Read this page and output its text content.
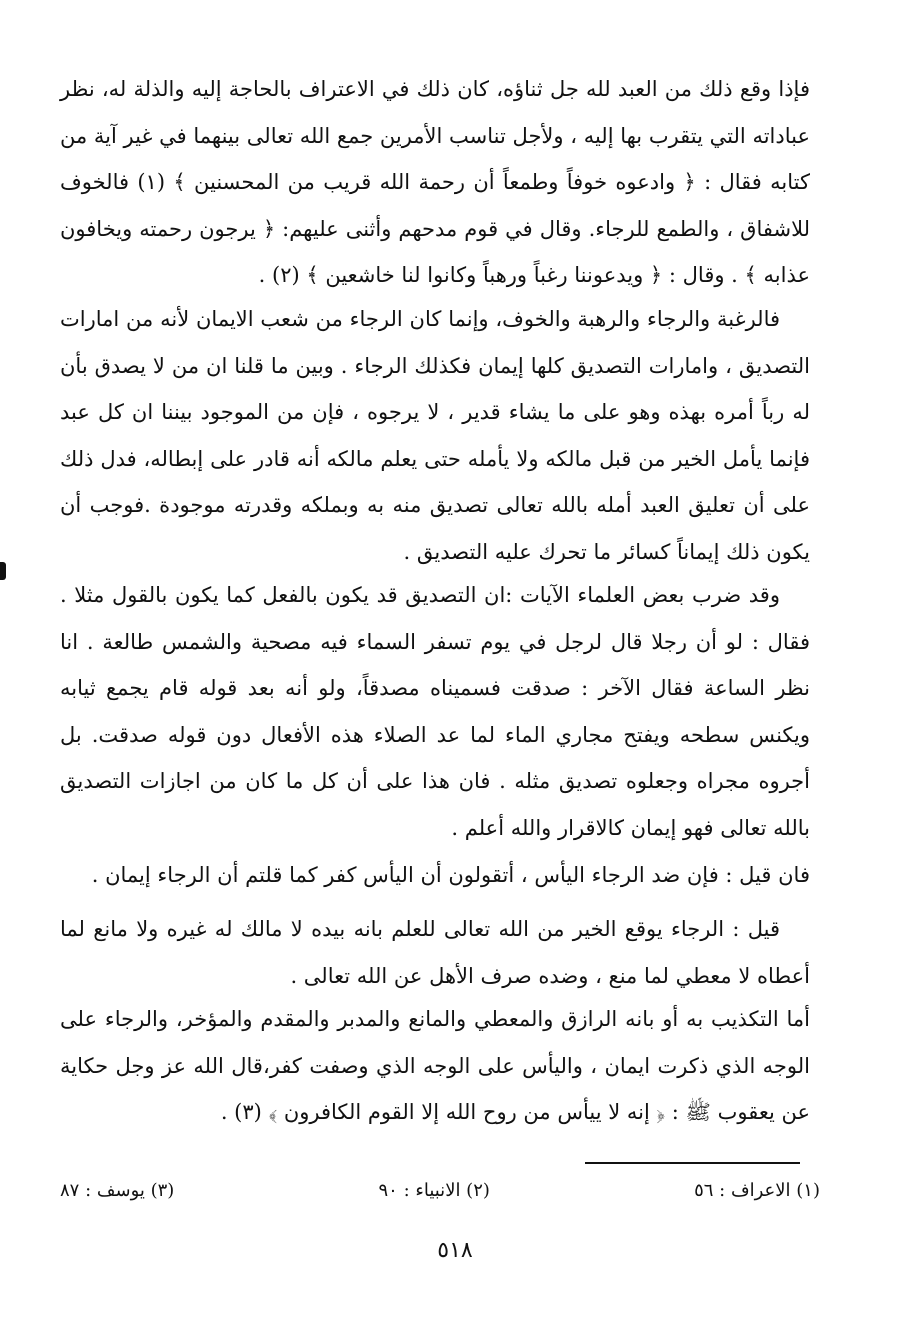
فإذا وقع ذلك من العبد لله جل ثناؤه، كان ذلك في الاعتراف بالحاجة إليه والذلة له، نظر عباداته التي يتقرب بها إليه ، ولأجل تناسب الأمرين جمع الله تعالى بينهما في غير آية من كتابه فقال : ﴿ وادعوه خوفاً وطمعاً أن رحمة الله قريب من المحسنين ﴾ (١) فالخوف للاشفاق ، والطمع للرجاء. وقال في قوم مدحهم وأثنى عليهم: ﴿ يرجون رحمته ويخافون عذابه ﴾ . وقال : ﴿ ويدعوننا رغباً ورهباً وكانوا لنا خاشعين ﴾ (٢) .

فالرغبة والرجاء والرهبة والخوف، وإنما كان الرجاء من شعب الايمان لأنه من امارات التصديق ، وامارات التصديق كلها إيمان فكذلك الرجاء . وبين ما قلنا ان من لا يصدق بأن له رباً أمره بهذه وهو على ما يشاء قدير ، لا يرجوه ، فإن من الموجود بيننا ان كل عبد فإنما يأمل الخير من قبل مالكه ولا يأمله حتى يعلم مالكه أنه قادر على إبطاله، فدل ذلك على أن تعليق العبد أمله بالله تعالى تصديق منه به وبملكه وقدرته موجودة .فوجب أن يكون ذلك إيماناً كسائر ما تحرك عليه التصديق .

وقد ضرب بعض العلماء الآيات :ان التصديق قد يكون بالفعل كما يكون بالقول مثلا . فقال : لو أن رجلا قال لرجل في يوم تسفر السماء فيه مصحية والشمس طالعة . انا نظر الساعة فقال الآخر : صدقت فسميناه مصدقاً، ولو أنه بعد قوله قام يجمع ثيابه ويكنس سطحه ويفتح مجاري الماء لما عد الصلاء هذه الأفعال دون قوله صدقت. بل أجروه مجراه وجعلوه تصديق مثله . فان هذا على أن كل ما كان من اجازات التصديق بالله تعالى فهو إيمان كالاقرار والله أعلم .

فان قيل : فإن ضد الرجاء اليأس ، أتقولون أن اليأس كفر كما قلتم أن الرجاء إيمان .

قيل : الرجاء يوقع الخير من الله تعالى للعلم بانه بيده لا مالك له غيره ولا مانع لما أعطاه لا معطي لما منع ، وضده صرف الأهل عن الله تعالى .

أما التكذيب به أو بانه الرازق والمعطي والمانع والمدبر والمقدم والمؤخر، والرجاء على الوجه الذي ذكرت ايمان ، واليأس على الوجه الذي وصفت كفر،قال الله عز وجل حكاية عن يعقوب ﷺ : ﴿ إنه لا ييأس من روح الله إلا القوم الكافرون ﴾ (٣) .

(١) الاعراف : ٥٦
(٢) الانبياء : ٩٠
(٣) يوسف : ٨٧
٥١٨
